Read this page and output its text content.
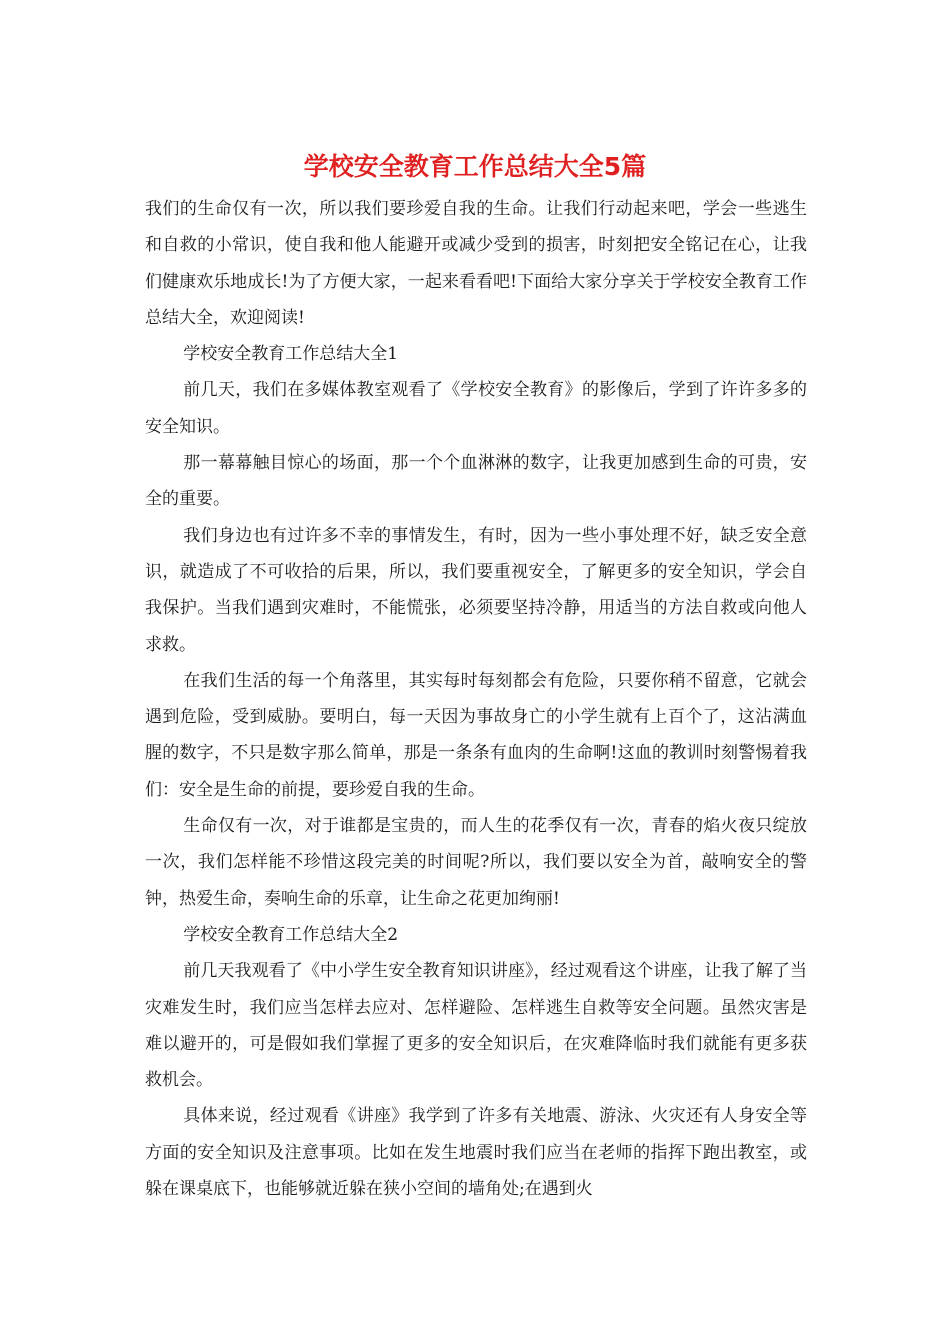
学校安全教育工作总结大全5篇

我们的生命仅有一次，所以我们要珍爱自我的生命。让我们行动起来吧，学会一些逃生和自救的小常识，使自我和他人能避开或减少受到的损害，时刻把安全铭记在心，让我们健康欢乐地成长!为了方便大家，一起来看看吧!下面给大家分享关于学校安全教育工作总结大全，欢迎阅读!

学校安全教育工作总结大全1

前几天，我们在多媒体教室观看了《学校安全教育》的影像后，学到了许许多多的安全知识。

那一幕幕触目惊心的场面，那一个个血淋淋的数字，让我更加感到生命的可贵，安全的重要。

我们身边也有过许多不幸的事情发生，有时，因为一些小事处理不好，缺乏安全意识，就造成了不可收拾的后果，所以，我们要重视安全，了解更多的安全知识，学会自我保护。当我们遇到灾难时，不能慌张，必须要坚持冷静，用适当的方法自救或向他人求救。

在我们生活的每一个角落里，其实每时每刻都会有危险，只要你稍不留意，它就会遇到危险，受到威胁。要明白，每一天因为事故身亡的小学生就有上百个了，这沾满血腥的数字，不只是数字那么简单，那是一条条有血肉的生命啊!这血的教训时刻警惕着我们：安全是生命的前提，要珍爱自我的生命。

生命仅有一次，对于谁都是宝贵的，而人生的花季仅有一次，青春的焰火夜只绽放一次，我们怎样能不珍惜这段完美的时间呢?所以，我们要以安全为首，敲响安全的警钟，热爱生命，奏响生命的乐章，让生命之花更加绚丽!

学校安全教育工作总结大全2

前几天我观看了《中小学生安全教育知识讲座》，经过观看这个讲座，让我了解了当灾难发生时，我们应当怎样去应对、怎样避险、怎样逃生自救等安全问题。虽然灾害是难以避开的，可是假如我们掌握了更多的安全知识后，在灾难降临时我们就能有更多获救机会。

具体来说，经过观看《讲座》我学到了许多有关地震、游泳、火灾还有人身安全等方面的安全知识及注意事项。比如在发生地震时我们应当在老师的指挥下跑出教室，或躲在课桌底下，也能够就近躲在狭小空间的墙角处;在遇到火
